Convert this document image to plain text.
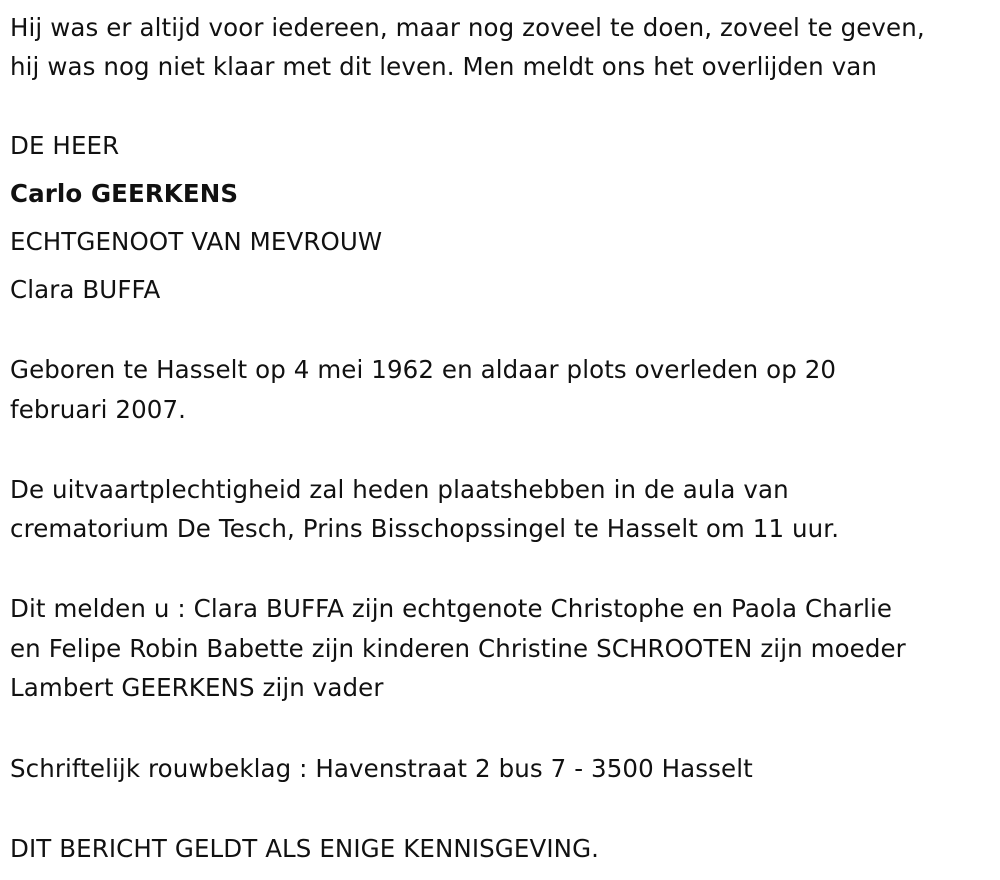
Hij was er altijd voor iedereen, maar nog zoveel te doen, zoveel te geven,
hij was nog niet klaar met dit leven. Men meldt ons het overlijden van
DE HEER
Carlo GEERKENS
ECHTGENOOT VAN MEVROUW
Clara BUFFA
Geboren te Hasselt op 4 mei 1962 en aldaar plots overleden op 20
februari 2007.
De uitvaartplechtigheid zal heden plaatshebben in de aula van
crematorium De Tesch, Prins Bisschopssingel te Hasselt om 11 uur.
Dit melden u : Clara BUFFA zijn echtgenote Christophe en Paola Charlie
en Felipe Robin Babette zijn kinderen Christine SCHROOTEN zijn moeder
Lambert GEERKENS zijn vader
Schriftelijk rouwbeklag : Havenstraat 2 bus 7 - 3500 Hasselt
DIT BERICHT GELDT ALS ENIGE KENNISGEVING.
